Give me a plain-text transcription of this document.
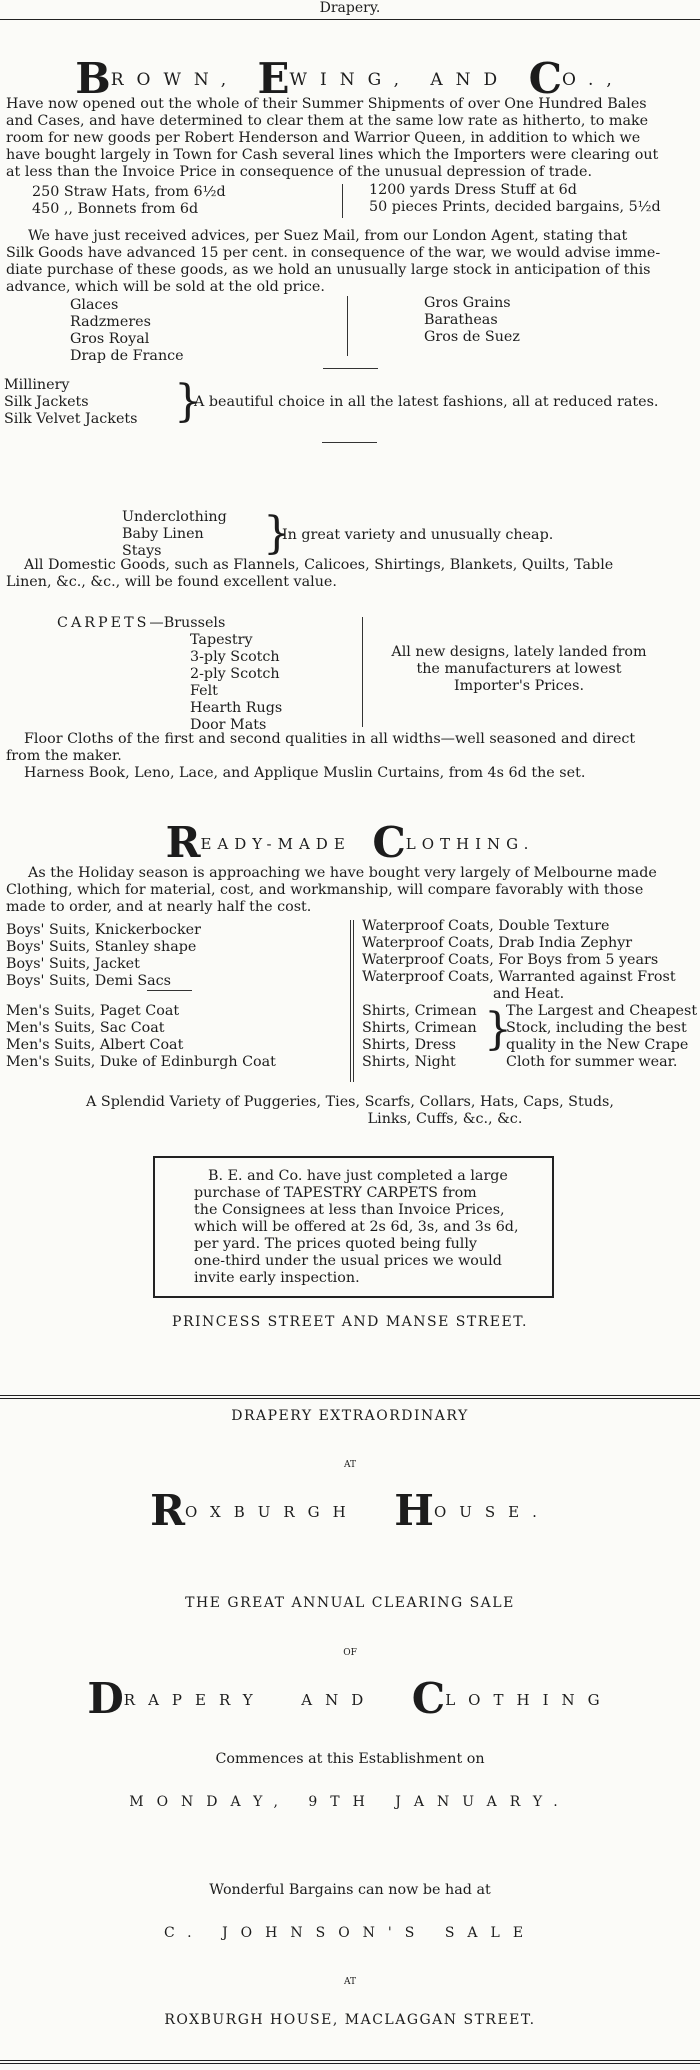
Drapery.
BROWN, EWING, AND CO.,
Have now opened out the whole of their Summer Shipments of over One Hundred Bales
and Cases, and have determined to clear them at the same low rate as hitherto, to make
room for new goods per Robert Henderson and Warrior Queen, in addition to which we
have bought largely in Town for Cash several lines which the Importers were clearing out
at less than the Invoice Price in consequence of the unusual depression of trade.
250 Straw Hats, from 6½d
450 ,, Bonnets from 6d
1200 yards Dress Stuff at 6d
50 pieces Prints, decided bargains, 5½d
We have just received advices, per Suez Mail, from our London Agent, stating that
Silk Goods have advanced 15 per cent. in consequence of the war, we would advise imme-
diate purchase of these goods, as we hold an unusually large stock in anticipation of this
advance, which will be sold at the old price.
Glaces
Radzmeres
Gros Royal
Drap de France
Gros Grains
Baratheas
Gros de Suez
Millinery
Silk Jackets
Silk Velvet Jackets }
A beautiful choice in all the latest fashions, all at reduced rates.
Underclothing
Baby Linen
Stays	}
In great variety and unusually cheap.
All Domestic Goods, such as Flannels, Calicoes, Shirtings, Blankets, Quilts, Table
Linen, &c., &c., will be found excellent value.
CARPETS—Brussels
Tapestry
3-ply Scotch
2-ply Scotch
Felt
Hearth Rugs
Door Mats
All new designs, lately landed from
the manufacturers at lowest
Importer's Prices.
Floor Cloths of the first and second qualities in all widths—well seasoned and direct
from the maker.
Harness Book, Leno, Lace, and Applique Muslin Curtains, from 4s 6d the set.
READY-MADE CLOTHING.
As the Holiday season is approaching we have bought very largely of Melbourne made
Clothing, which for material, cost, and workmanship, will compare favorably with those
made to order, and at nearly half the cost.
Boys' Suits, Knickerbocker
Boys' Suits, Stanley shape
Boys' Suits, Jacket
Boys' Suits, Demi Sacs
Waterproof Coats, Double Texture
Waterproof Coats, Drab India Zephyr
Waterproof Coats, For Boys from 5 years
Waterproof Coats, Warranted against Frost
and Heat.
Men's Suits, Paget Coat
Men's Suits, Sac Coat
Men's Suits, Albert Coat
Men's Suits, Duke of Edinburgh Coat
Shirts, Crimean
Shirts, Crimean
Shirts, Dress
Shirts, Night
}
The Largest and Cheapest
Stock, including the best
quality in the New Crape
Cloth for summer wear.
A Splendid Variety of Puggeries, Ties, Scarfs, Collars, Hats, Caps, Studs,
Links, Cuffs, &c., &c.
B. E. and Co. have just completed a large
purchase of TAPESTRY CARPETS from
the Consignees at less than Invoice Prices,
which will be offered at 2s 6d, 3s, and 3s 6d,
per yard. The prices quoted being fully
one-third under the usual prices we would
invite early inspection.
PRINCESS STREET AND MANSE STREET.
DRAPERY EXTRAORDINARY
AT
ROXBURGH HOUSE.
THE GREAT ANNUAL CLEARING SALE
OF
DRAPERY AND CLOTHING
Commences at this Establishment on
MONDAY, 9TH JANUARY.
Wonderful Bargains can now be had at
C. JOHNSON'S SALE
AT
ROXBURGH HOUSE, MACLAGGAN STREET.
